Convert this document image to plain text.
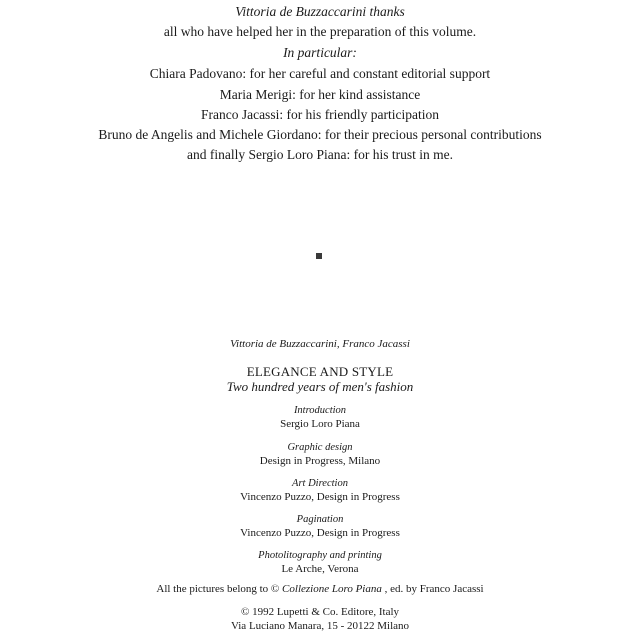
Vittoria de Buzzaccarini thanks
all who have helped her in the preparation of this volume.
In particular:
Chiara Padovano: for her careful and constant editorial support
Maria Merigi: for her kind assistance
Franco Jacassi: for his friendly participation
Bruno de Angelis and Michele Giordano: for their precious personal contributions
and finally Sergio Loro Piana: for his trust in me.
Vittoria de Buzzaccarini, Franco Jacassi
ELEGANCE AND STYLE
Two hundred years of men's fashion
Introduction
Sergio Loro Piana
Graphic design
Design in Progress, Milano
Art Direction
Vincenzo Puzzo, Design in Progress
Pagination
Vincenzo Puzzo, Design in Progress
Photolitography and printing
Le Arche, Verona
All the pictures belong to © Collezione Loro Piana , ed. by Franco Jacassi
© 1992 Lupetti & Co. Editore, Italy
Via Luciano Manara, 15 - 20122 Milano
